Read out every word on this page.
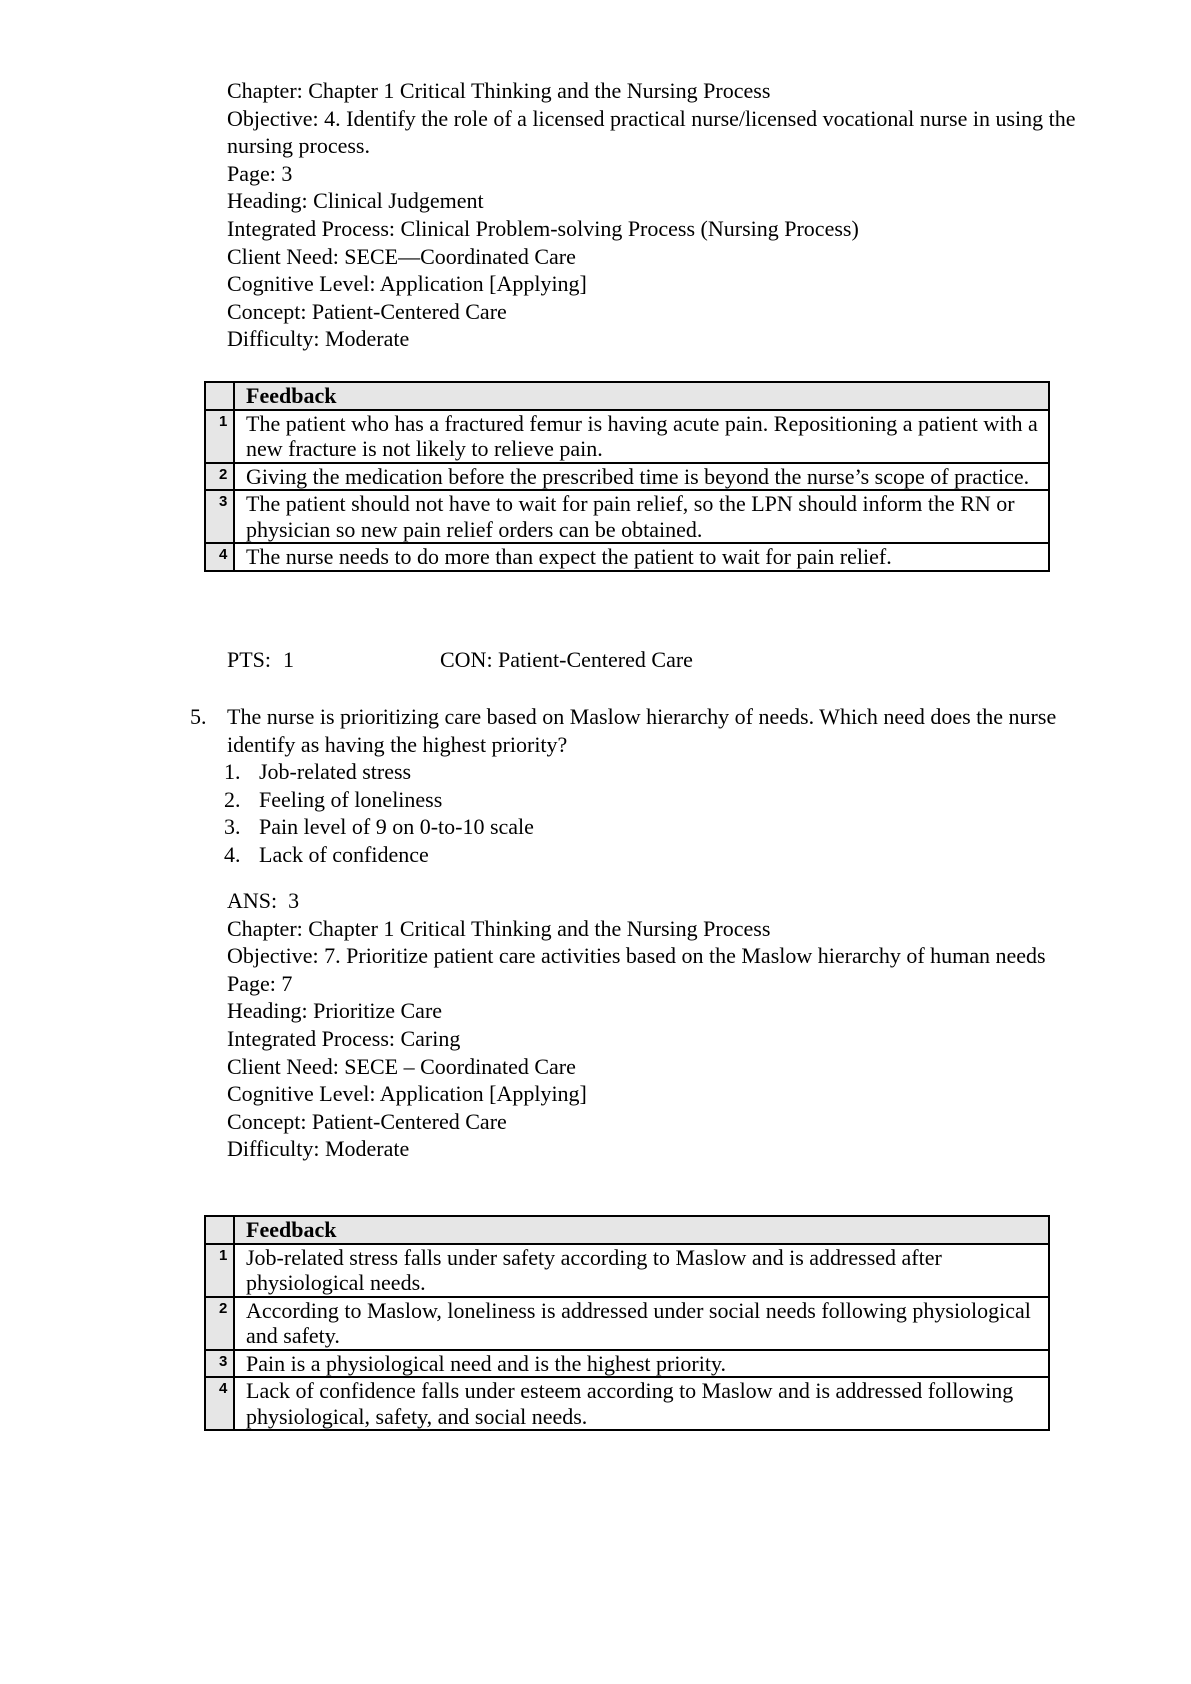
Chapter: Chapter 1 Critical Thinking and the Nursing Process
Objective: 4. Identify the role of a licensed practical nurse/licensed vocational nurse in using the nursing process.
Page: 3
Heading: Clinical Judgement
Integrated Process: Clinical Problem-solving Process (Nursing Process)
Client Need: SECE—Coordinated Care
Cognitive Level: Application [Applying]
Concept: Patient-Centered Care
Difficulty: Moderate
	Feedback
1	The patient who has a fractured femur is having acute pain. Repositioning a patient with a new fracture is not likely to relieve pain.
2	Giving the medication before the prescribed time is beyond the nurse’s scope of practice.
3	The patient should not have to wait for pain relief, so the LPN should inform the RN or physician so new pain relief orders can be obtained.
4	The nurse needs to do more than expect the patient to wait for pain relief.
PTS: 1	CON: Patient-Centered Care
5. The nurse is prioritizing care based on Maslow hierarchy of needs. Which need does the nurse identify as having the highest priority?
1. Job-related stress
2. Feeling of loneliness
3. Pain level of 9 on 0-to-10 scale
4. Lack of confidence
ANS:  3
Chapter: Chapter 1 Critical Thinking and the Nursing Process
Objective: 7. Prioritize patient care activities based on the Maslow hierarchy of human needs
Page: 7
Heading: Prioritize Care
Integrated Process: Caring
Client Need: SECE – Coordinated Care
Cognitive Level: Application [Applying]
Concept: Patient-Centered Care
Difficulty: Moderate
	Feedback
1	Job-related stress falls under safety according to Maslow and is addressed after physiological needs.
2	According to Maslow, loneliness is addressed under social needs following physiological and safety.
3	Pain is a physiological need and is the highest priority.
4	Lack of confidence falls under esteem according to Maslow and is addressed following physiological, safety, and social needs.
